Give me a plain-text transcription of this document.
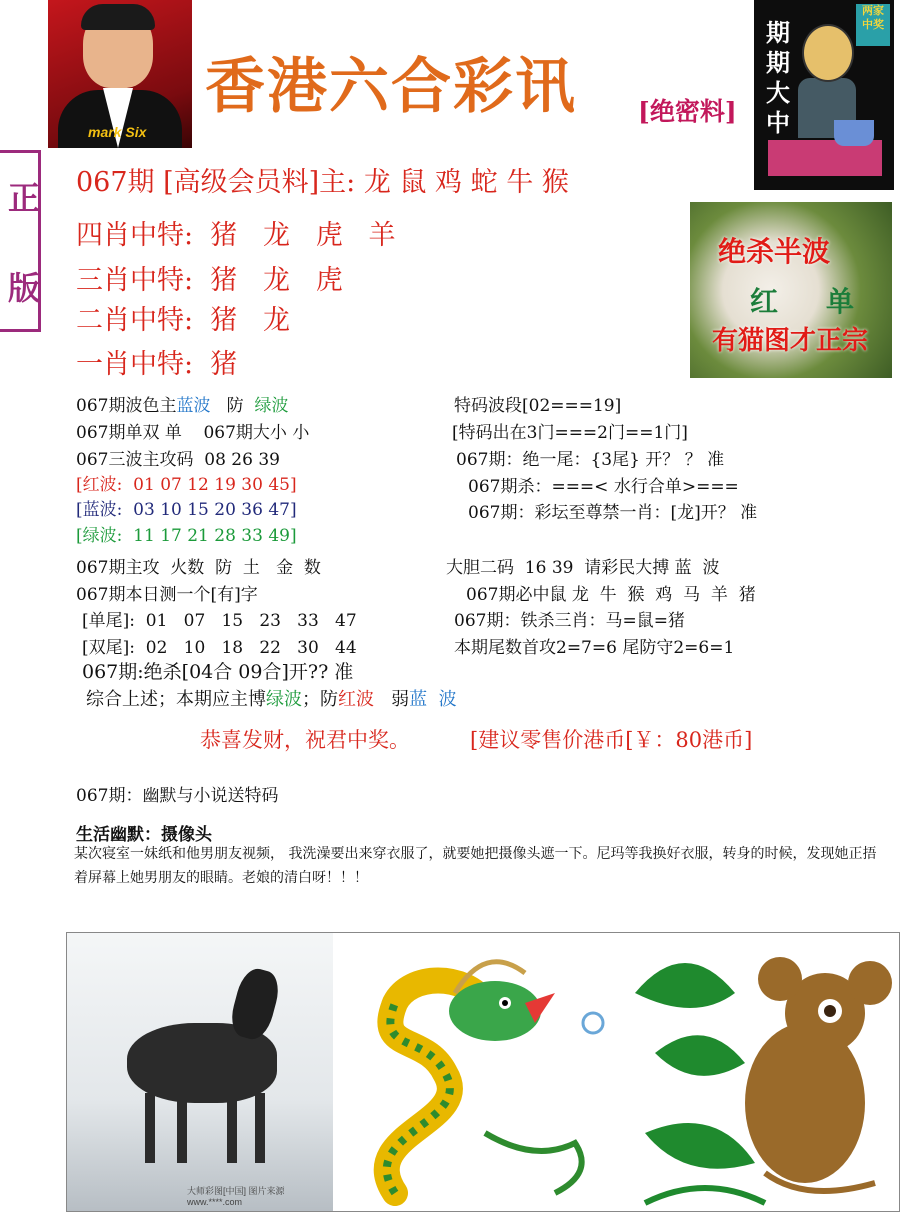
mark Six
香港六合彩讯 [绝密料]
期期大中
两家 中奖
正
版
067期 [高级会员料]主: 龙 鼠 鸡 蛇 牛 猴
四肖中特:  猪   龙   虎   羊
三肖中特:  猪   龙   虎
二肖中特:  猪   龙
一肖中特:  猪
绝杀半波
红 单
有猫图才正宗
067期波色主蓝波   防  绿波
067期单双 单    067期大小 小
067三波主攻码  08 26 39
[红波:  01 07 12 19 30 45]
[蓝波:  03 10 15 20 36 47]
[绿波:  11 17 21 28 33 49]
067期主攻  火数  防  土   金  数
067期本日测一个[有]字
[单尾]:  01   07   15   23   33   47
[双尾]:  02   10   18   22   30   44
067期:绝杀[04合 09合]开?? 准
综合上述；本期应主博绿波；防红波   弱蓝  波
特码波段[02===19]
[特码出在3门===2门==1门]
067期：绝一尾：{3尾} 开？ ？ 准
067期杀：===< 水行合单>===
067期：彩坛至尊禁一肖：[龙]开？ 准
大胆二码  16 39  请彩民大搏 蓝  波
067期必中鼠 龙  牛  猴  鸡  马  羊  猪
067期：铁杀三肖：马=鼠=猪
本期尾数首攻2=7=6 尾防守2=6=1
恭喜发财，祝君中奖。	[建议零售价港币[￥：80港币]
067期：幽默与小说送特码
生活幽默：摄像头
某次寝室一妹纸和他男朋友视频， 我洗澡要出来穿衣服了，就要她把摄像头遮一下。尼玛等我换好衣服，转身的时候，发现她正捂着屏幕上她男朋友的眼睛。老娘的清白呀！！！
大师彩图[中国] 图片来源 www.****.com
